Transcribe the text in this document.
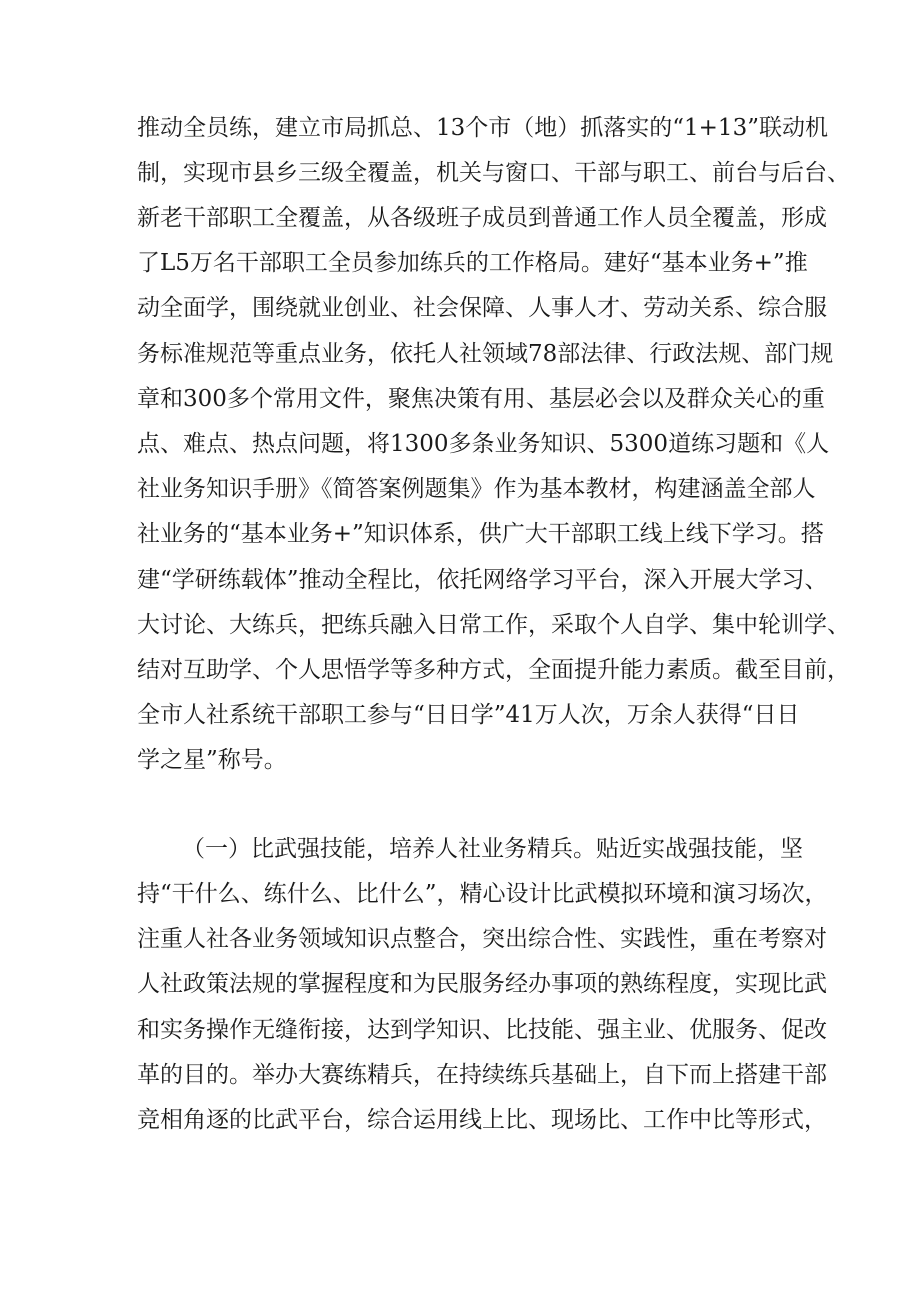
推动全员练，建立市局抓总、13个市（地）抓落实的“1+13”联动机
制，实现市县乡三级全覆盖，机关与窗口、干部与职工、前台与后台、
新老干部职工全覆盖，从各级班子成员到普通工作人员全覆盖，形成
了L5万名干部职工全员参加练兵的工作格局。建好“基本业务+”推
动全面学，围绕就业创业、社会保障、人事人才、劳动关系、综合服
务标准规范等重点业务，依托人社领域78部法律、行政法规、部门规
章和300多个常用文件，聚焦决策有用、基层必会以及群众关心的重
点、难点、热点问题，将1300多条业务知识、5300道练习题和《人
社业务知识手册》《简答案例题集》作为基本教材，构建涵盖全部人
社业务的“基本业务+”知识体系，供广大干部职工线上线下学习。搭
建“学研练载体”推动全程比，依托网络学习平台，深入开展大学习、
大讨论、大练兵，把练兵融入日常工作，采取个人自学、集中轮训学、
结对互助学、个人思悟学等多种方式，全面提升能力素质。截至目前，
全市人社系统干部职工参与“日日学”41万人次，万余人获得“日日
学之星”称号。
（一）比武强技能，培养人社业务精兵。贴近实战强技能，坚
持“干什么、练什么、比什么”，精心设计比武模拟环境和演习场次，
注重人社各业务领域知识点整合，突出综合性、实践性，重在考察对
人社政策法规的掌握程度和为民服务经办事项的熟练程度，实现比武
和实务操作无缝衔接，达到学知识、比技能、强主业、优服务、促改
革的目的。举办大赛练精兵，在持续练兵基础上，自下而上搭建干部
竞相角逐的比武平台，综合运用线上比、现场比、工作中比等形式，
